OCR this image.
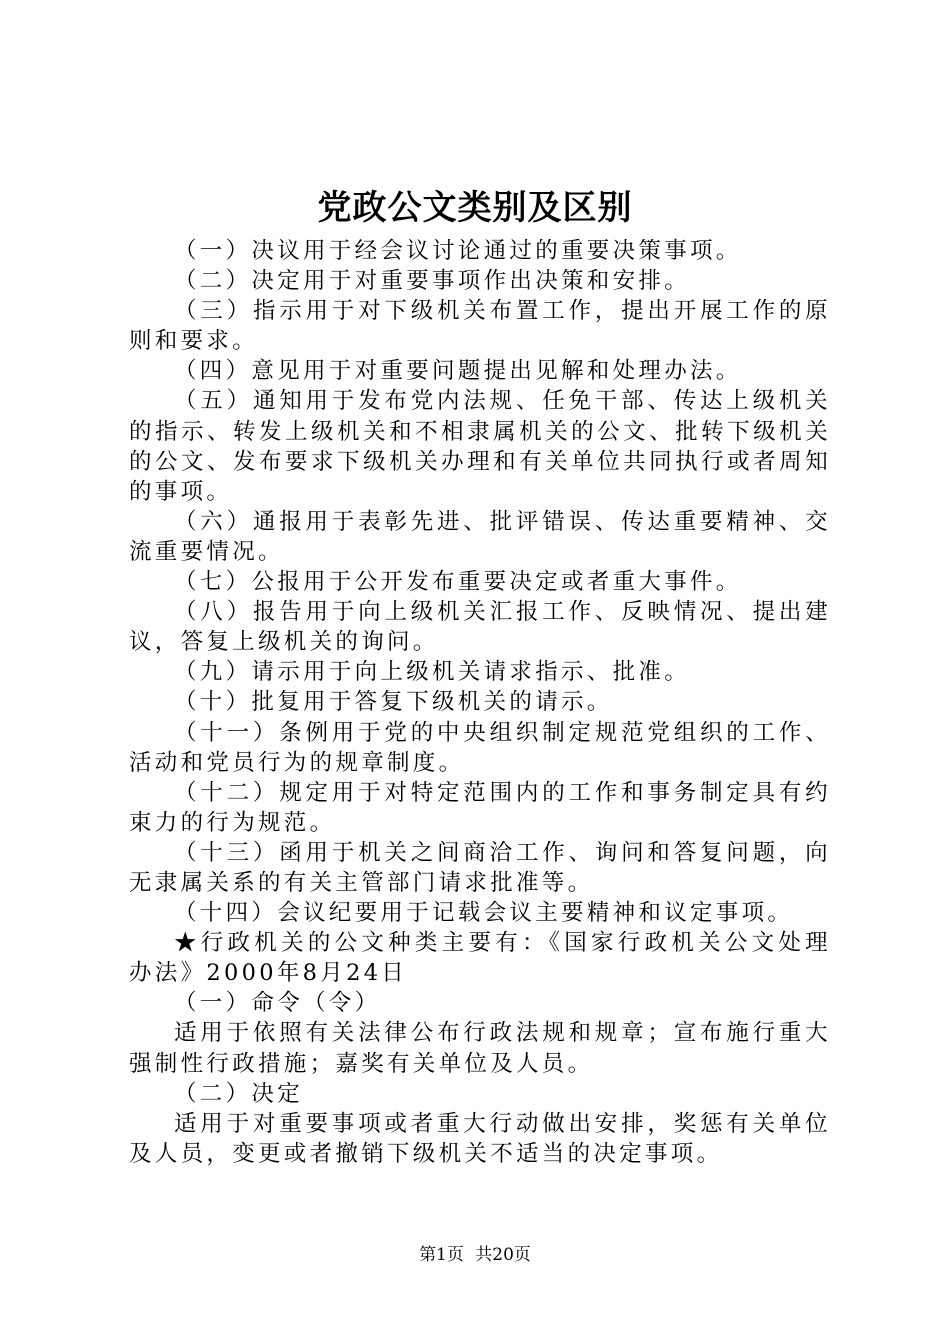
党政公文类别及区别

（一）决议用于经会议讨论通过的重要决策事项。

（二）决定用于对重要事项作出决策和安排。

（三）指示用于对下级机关布置工作，提出开展工作的原则和要求。

（四）意见用于对重要问题提出见解和处理办法。

（五）通知用于发布党内法规、任免干部、传达上级机关的指示、转发上级机关和不相隶属机关的公文、批转下级机关的公文、发布要求下级机关办理和有关单位共同执行或者周知的事项。

（六）通报用于表彰先进、批评错误、传达重要精神、交流重要情况。

（七）公报用于公开发布重要决定或者重大事件。

（八）报告用于向上级机关汇报工作、反映情况、提出建议，答复上级机关的询问。

（九）请示用于向上级机关请求指示、批准。

（十）批复用于答复下级机关的请示。

（十一）条例用于党的中央组织制定规范党组织的工作、活动和党员行为的规章制度。

（十二）规定用于对特定范围内的工作和事务制定具有约束力的行为规范。

（十三）函用于机关之间商洽工作、询问和答复问题，向无隶属关系的有关主管部门请求批准等。

（十四）会议纪要用于记载会议主要精神和议定事项。

★行政机关的公文种类主要有：《国家行政机关公文处理办法》2000年8月24日

（一）命令（令）

适用于依照有关法律公布行政法规和规章；宣布施行重大强制性行政措施；嘉奖有关单位及人员。

（二）决定

适用于对重要事项或者重大行动做出安排，奖惩有关单位及人员，变更或者撤销下级机关不适当的决定事项。

第1页 共20页
